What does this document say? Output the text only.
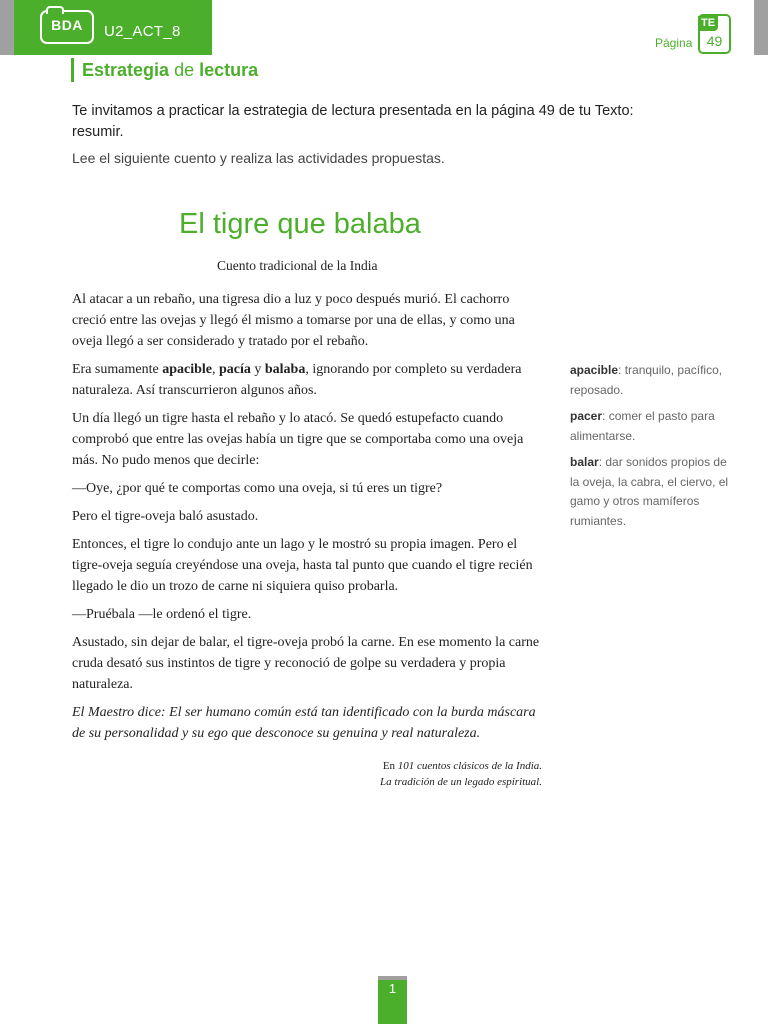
BDA	U2_ACT_8
Página
TE
49
Estrategia de lectura
Te invitamos a practicar la estrategia de lectura presentada en la página 49 de tu Texto: resumir.
Lee el siguiente cuento y realiza las actividades propuestas.
El tigre que balaba
Cuento tradicional de la India

Al atacar a un rebaño, una tigresa dio a luz y poco después murió. El cachorro creció entre las ovejas y llegó él mismo a tomarse por una de ellas, y como una oveja llegó a ser considerado y tratado por el rebaño.

Era sumamente apacible, pacía y balaba, ignorando por completo su verdadera naturaleza. Así transcurrieron algunos años.

Un día llegó un tigre hasta el rebaño y lo atacó. Se quedó estupefacto cuando comprobó que entre las ovejas había un tigre que se comportaba como una oveja más. No pudo menos que decirle:

—Oye, ¿por qué te comportas como una oveja, si tú eres un tigre?

Pero el tigre-oveja baló asustado.

Entonces, el tigre lo condujo ante un lago y le mostró su propia imagen. Pero el tigre-oveja seguía creyéndose una oveja, hasta tal punto que cuando el tigre recién llegado le dio un trozo de carne ni siquiera quiso probarla.

—Pruébala —le ordenó el tigre.

Asustado, sin dejar de balar, el tigre-oveja probó la carne. En ese momento la carne cruda desató sus instintos de tigre y reconoció de golpe su verdadera y propia naturaleza.

El Maestro dice: El ser humano común está tan identificado con la burda máscara de su personalidad y su ego que desconoce su genuina y real naturaleza.

En 101 cuentos clásicos de la India.
La tradición de un legado espiritual.
apacible: tranquilo, pacífico, reposado.
pacer: comer el pasto para alimentarse.
balar: dar sonidos propios de la oveja, la cabra, el ciervo, el gamo y otros mamíferos rumiantes.
1
